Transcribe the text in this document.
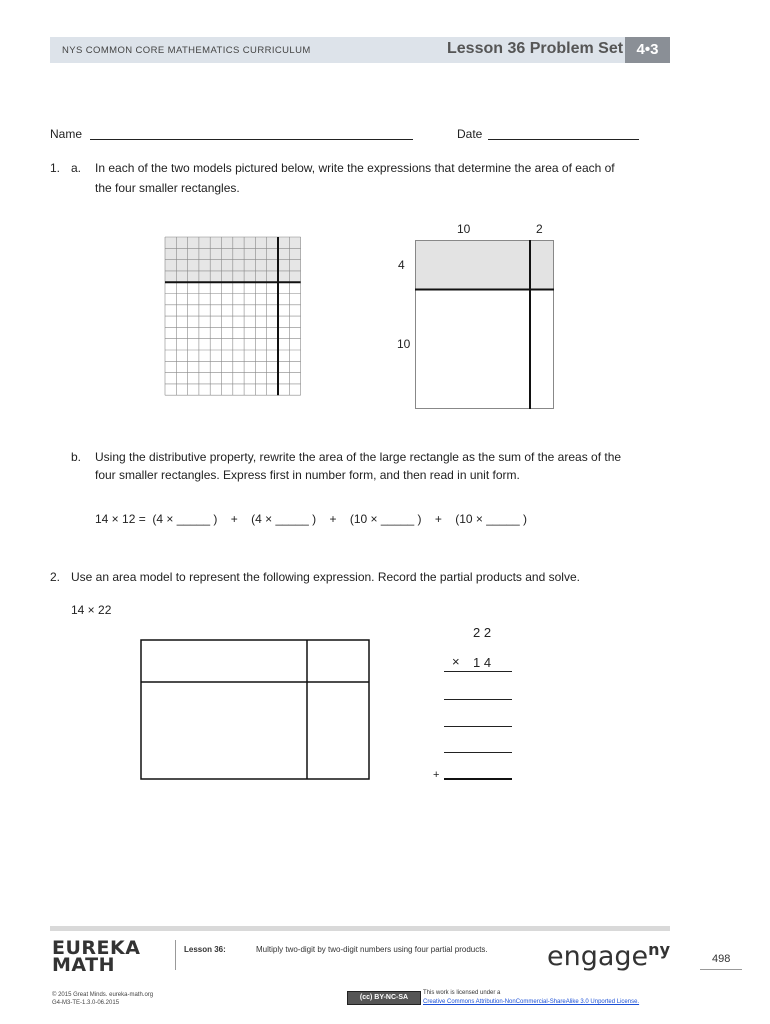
NYS COMMON CORE MATHEMATICS CURRICULUM	Lesson 36 Problem Set 4•3
Name	Date
1. a. In each of the two models pictured below, write the expressions that determine the area of each of
the four smaller rectangles.
10	2
4
10
b. Using the distributive property, rewrite the area of the large rectangle as the sum of the areas of the
four smaller rectangles. Express first in number form, and then read in unit form.
14 × 12 =  (4 × _____ )    +    (4 × _____ )    +    (10 × _____ )    +    (10 × _____ )
2. Use an area model to represent the following expression. Record the partial products and solve.
14 × 22
2 2
× 1 4
+
EUREKA
MATH
Lesson 36:	Multiply two-digit by two-digit numbers using four partial products. engage$^{ny}$	498
© 2015 Great Minds. eureka-math.org
G4-M3-TE-1.3.0-06.2015
(cc) BY-NC-SA
This work is licensed under a
Creative Commons Attribution-NonCommercial-ShareAlike 3.0 Unported License.
